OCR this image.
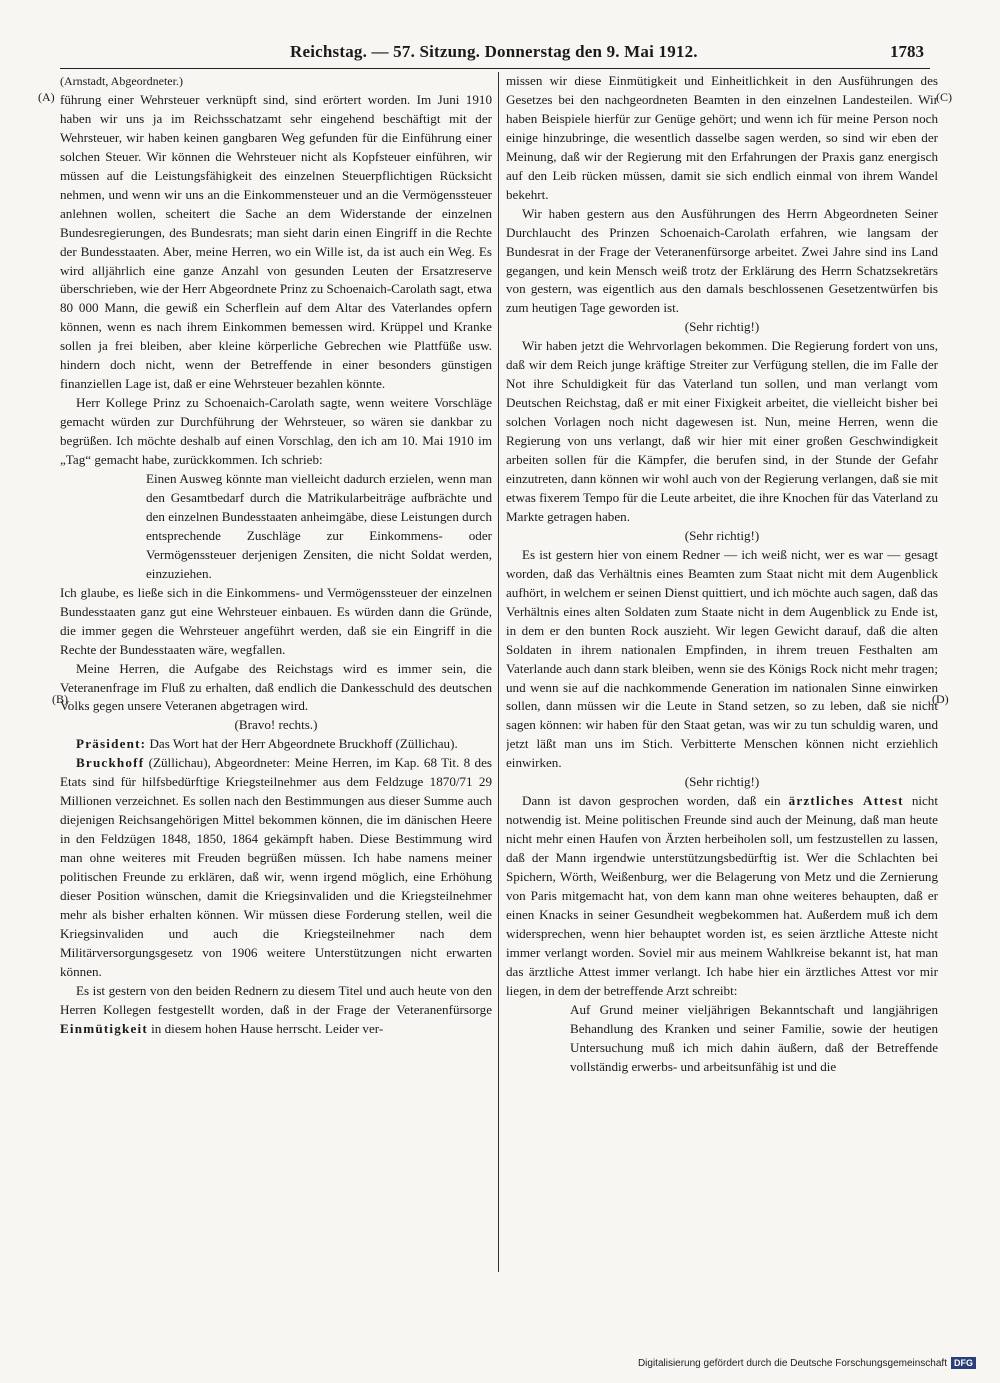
Reichstag. — 57. Sitzung. Donnerstag den 9. Mai 1912.	1783
(A)
(B)
(C)
(D)

(Arnstadt, Abgeordneter.)

führung einer Wehrsteuer verknüpft sind, sind erörtert worden. Im Juni 1910 haben wir uns ja im Reichsschatzamt sehr eingehend beschäftigt mit der Wehrsteuer, wir haben keinen gangbaren Weg gefunden für die Einführung einer solchen Steuer. Wir können die Wehrsteuer nicht als Kopfsteuer einführen, wir müssen auf die Leistungsfähigkeit des einzelnen Steuerpflichtigen Rücksicht nehmen, und wenn wir uns an die Einkommensteuer und an die Vermögenssteuer anlehnen wollen, scheitert die Sache an dem Widerstande der einzelnen Bundesregierungen, des Bundesrats; man sieht darin einen Eingriff in die Rechte der Bundesstaaten. Aber, meine Herren, wo ein Wille ist, da ist auch ein Weg. Es wird alljährlich eine ganze Anzahl von gesunden Leuten der Ersatzreserve überschrieben, wie der Herr Abgeordnete Prinz zu Schoenaich-Carolath sagt, etwa 80 000 Mann, die gewiß ein Scherflein auf dem Altar des Vaterlandes opfern können, wenn es nach ihrem Einkommen bemessen wird. Krüppel und Kranke sollen ja frei bleiben, aber kleine körperliche Gebrechen wie Plattfüße usw. hindern doch nicht, wenn der Betreffende in einer besonders günstigen finanziellen Lage ist, daß er eine Wehrsteuer bezahlen könnte.

Herr Kollege Prinz zu Schoenaich-Carolath sagte, wenn weitere Vorschläge gemacht würden zur Durchführung der Wehrsteuer, so wären sie dankbar zu begrüßen. Ich möchte deshalb auf einen Vorschlag, den ich am 10. Mai 1910 im „Tag“ gemacht habe, zurückkommen. Ich schrieb:

Einen Ausweg könnte man vielleicht dadurch erzielen, wenn man den Gesamtbedarf durch die Matrikularbeiträge aufbrächte und den einzelnen Bundesstaaten anheimgäbe, diese Leistungen durch entsprechende Zuschläge zur Einkommens- oder Vermögenssteuer derjenigen Zensiten, die nicht Soldat werden, einzuziehen.

Ich glaube, es ließe sich in die Einkommens- und Vermögenssteuer der einzelnen Bundesstaaten ganz gut eine Wehrsteuer einbauen. Es würden dann die Gründe, die immer gegen die Wehrsteuer angeführt werden, daß sie ein Eingriff in die Rechte der Bundesstaaten wäre, wegfallen.

Meine Herren, die Aufgabe des Reichstags wird es immer sein, die Veteranenfrage im Fluß zu erhalten, daß endlich die Dankesschuld des deutschen Volks gegen unsere Veteranen abgetragen wird.

(Bravo! rechts.)

Präsident: Das Wort hat der Herr Abgeordnete Bruckhoff (Züllichau).

Bruckhoff (Züllichau), Abgeordneter: Meine Herren, im Kap. 68 Tit. 8 des Etats sind für hilfsbedürftige Kriegsteilnehmer aus dem Feldzuge 1870/71 29 Millionen verzeichnet. Es sollen nach den Bestimmungen aus dieser Summe auch diejenigen Reichsangehörigen Mittel bekommen können, die im dänischen Heere in den Feldzügen 1848, 1850, 1864 gekämpft haben. Diese Bestimmung wird man ohne weiteres mit Freuden begrüßen müssen. Ich habe namens meiner politischen Freunde zu erklären, daß wir, wenn irgend möglich, eine Erhöhung dieser Position wünschen, damit die Kriegsinvaliden und die Kriegsteilnehmer mehr als bisher erhalten können. Wir müssen diese Forderung stellen, weil die Kriegsinvaliden und auch die Kriegsteilnehmer nach dem Militärversorgungsgesetz von 1906 weitere Unterstützungen nicht erwarten können.

Es ist gestern von den beiden Rednern zu diesem Titel und auch heute von den Herren Kollegen festgestellt worden, daß in der Frage der Veteranenfürsorge Einmütigkeit in diesem hohen Hause herrscht. Leider ver-

missen wir diese Einmütigkeit und Einheitlichkeit in den Ausführungen des Gesetzes bei den nachgeordneten Beamten in den einzelnen Landesteilen. Wir haben Beispiele hierfür zur Genüge gehört; und wenn ich für meine Person noch einige hinzubringe, die wesentlich dasselbe sagen werden, so sind wir eben der Meinung, daß wir der Regierung mit den Erfahrungen der Praxis ganz energisch auf den Leib rücken müssen, damit sie sich endlich einmal von ihrem Wandel bekehrt.

Wir haben gestern aus den Ausführungen des Herrn Abgeordneten Seiner Durchlaucht des Prinzen Schoenaich-Carolath erfahren, wie langsam der Bundesrat in der Frage der Veteranenfürsorge arbeitet. Zwei Jahre sind ins Land gegangen, und kein Mensch weiß trotz der Erklärung des Herrn Schatzsekretärs von gestern, was eigentlich aus den damals beschlossenen Gesetzentwürfen bis zum heutigen Tage geworden ist.

(Sehr richtig!)

Wir haben jetzt die Wehrvorlagen bekommen. Die Regierung fordert von uns, daß wir dem Reich junge kräftige Streiter zur Verfügung stellen, die im Falle der Not ihre Schuldigkeit für das Vaterland tun sollen, und man verlangt vom Deutschen Reichstag, daß er mit einer Fixigkeit arbeitet, die vielleicht bisher bei solchen Vorlagen noch nicht dagewesen ist. Nun, meine Herren, wenn die Regierung von uns verlangt, daß wir hier mit einer großen Geschwindigkeit arbeiten sollen für die Kämpfer, die berufen sind, in der Stunde der Gefahr einzutreten, dann können wir wohl auch von der Regierung verlangen, daß sie mit etwas fixerem Tempo für die Leute arbeitet, die ihre Knochen für das Vaterland zu Markte getragen haben.

(Sehr richtig!)

Es ist gestern hier von einem Redner — ich weiß nicht, wer es war — gesagt worden, daß das Verhältnis eines Beamten zum Staat nicht mit dem Augenblick aufhört, in welchem er seinen Dienst quittiert, und ich möchte auch sagen, daß das Verhältnis eines alten Soldaten zum Staate nicht in dem Augenblick zu Ende ist, in dem er den bunten Rock auszieht. Wir legen Gewicht darauf, daß die alten Soldaten in ihrem nationalen Empfinden, in ihrem treuen Festhalten am Vaterlande auch dann stark bleiben, wenn sie des Königs Rock nicht mehr tragen; und wenn sie auf die nachkommende Generation im nationalen Sinne einwirken sollen, dann müssen wir die Leute in Stand setzen, so zu leben, daß sie nicht sagen können: wir haben für den Staat getan, was wir zu tun schuldig waren, und jetzt läßt man uns im Stich. Verbitterte Menschen können nicht erziehlich einwirken.

(Sehr richtig!)

Dann ist davon gesprochen worden, daß ein ärztliches Attest nicht notwendig ist. Meine politischen Freunde sind auch der Meinung, daß man heute nicht mehr einen Haufen von Ärzten herbeiholen soll, um festzustellen zu lassen, daß der Mann irgendwie unterstützungsbedürftig ist. Wer die Schlachten bei Spichern, Wörth, Weißenburg, wer die Belagerung von Metz und die Zernierung von Paris mitgemacht hat, von dem kann man ohne weiteres behaupten, daß er einen Knacks in seiner Gesundheit wegbekommen hat. Außerdem muß ich dem widersprechen, wenn hier behauptet worden ist, es seien ärztliche Atteste nicht immer verlangt worden. Soviel mir aus meinem Wahlkreise bekannt ist, hat man das ärztliche Attest immer verlangt. Ich habe hier ein ärztliches Attest vor mir liegen, in dem der betreffende Arzt schreibt:

Auf Grund meiner vieljährigen Bekanntschaft und langjährigen Behandlung des Kranken und seiner Familie, sowie der heutigen Untersuchung muß ich mich dahin äußern, daß der Betreffende vollständig erwerbs- und arbeitsunfähig ist und die

Digitalisierung gefördert durch die Deutsche Forschungsgemeinschaft DFG
